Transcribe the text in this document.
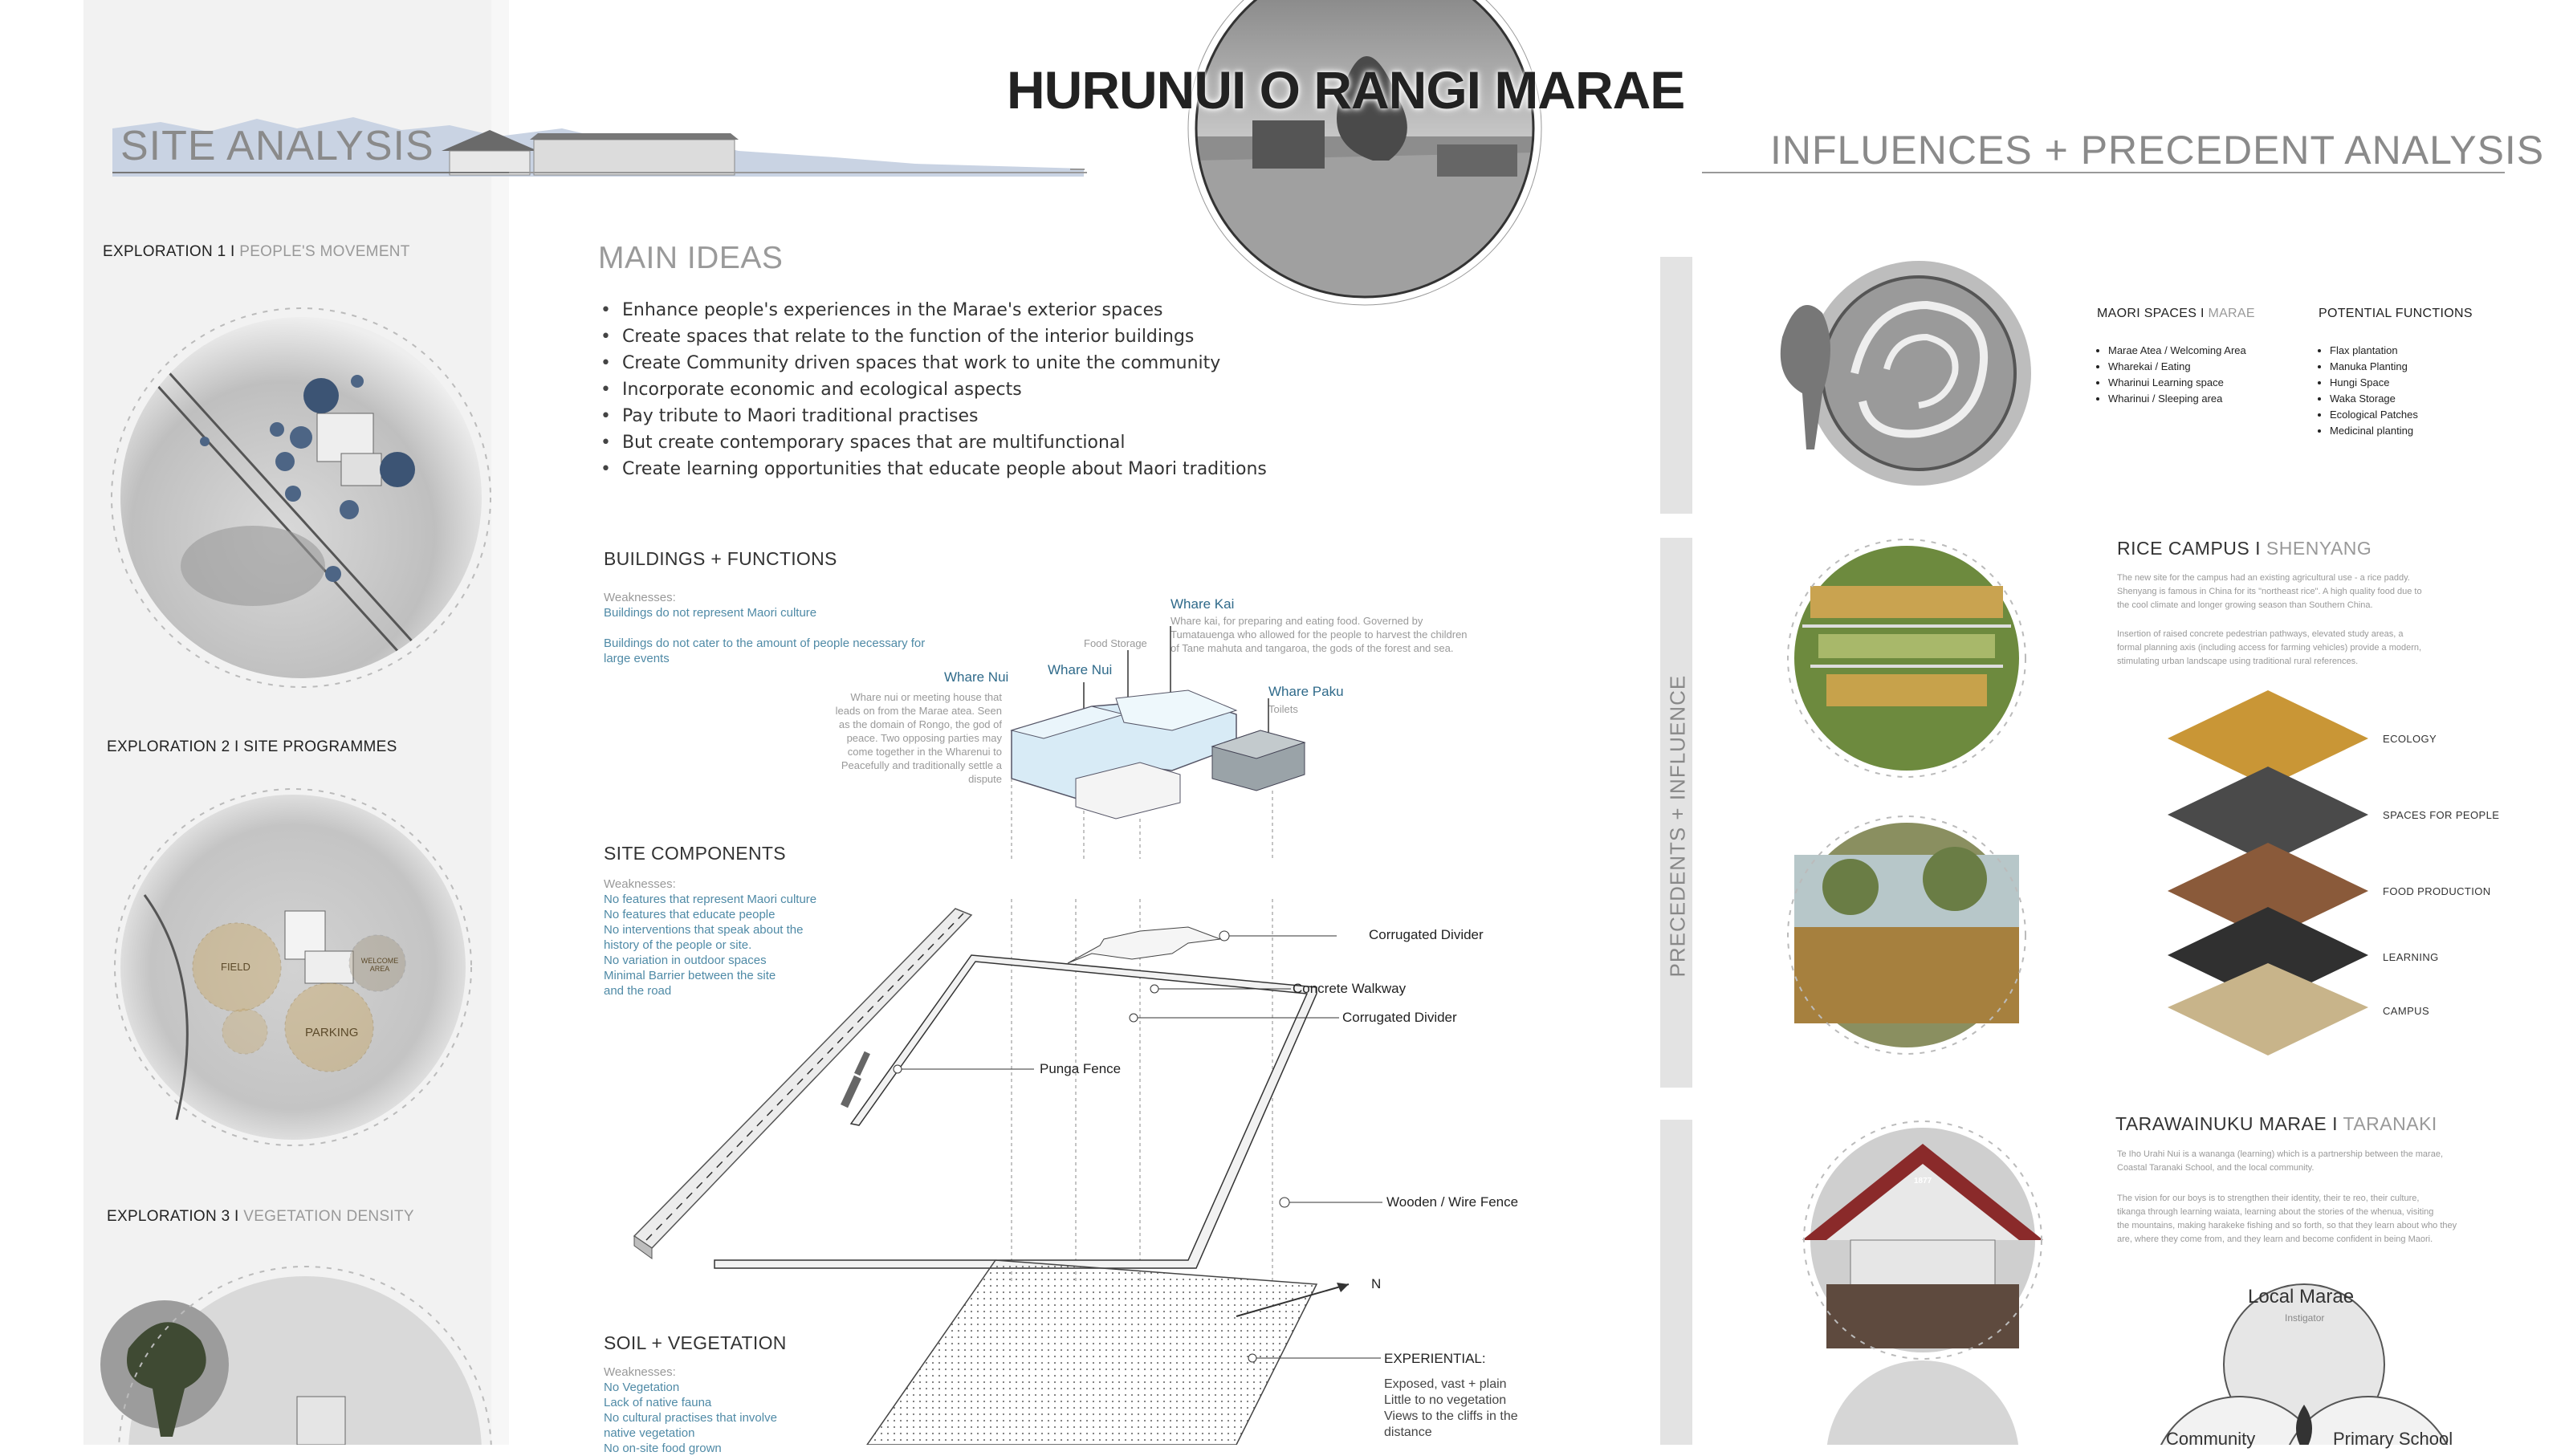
SITE ANALYSIS
EXPLORATION 1 I PEOPLE'S MOVEMENT
EXPLORATION 2 I SITE PROGRAMMES
EXPLORATION 3 I VEGETATION DENSITY
FIELD
PARKING
WELCOME AREA
HURUNUI O RANGI MARAE
MAIN IDEAS
• Enhance people's experiences in the Marae's exterior spaces
• Create spaces that relate to the function of the interior buildings
• Create Community driven spaces that work to unite the community
• Incorporate economic and ecological aspects
• Pay tribute to Maori traditional practises
• But create contemporary spaces that are multifunctional
• Create learning opportunities that educate people about Maori traditions
BUILDINGS + FUNCTIONS
Weaknesses:
Buildings do not represent Maori culture
Buildings do not cater to the amount of people necessary for
large events
Whare Kai
Whare kai, for preparing and eating food. Governed by
Tumatauenga who allowed for the people to harvest the children
of Tane mahuta and tangaroa, the gods of the forest and sea.
Food Storage
Whare Nui
Whare Nui
Whare nui or meeting house that
leads on from the Marae atea. Seen
as the domain of Rongo, the god of
peace. Two opposing parties may
come together in the Wharenui to
Peacefully and traditionally settle a
dispute
Whare Paku
Toilets
SITE COMPONENTS
Weaknesses:
No features that represent Maori culture
No features that educate people
No interventions that speak about the
history of the people or site.
No variation in outdoor spaces
Minimal Barrier between the site
and the road
Corrugated Divider
Concrete Walkway
Corrugated Divider
Punga Fence
Wooden / Wire Fence
N
SOIL + VEGETATION
Weaknesses:
No Vegetation
Lack of native fauna
No cultural practises that involve
native vegetation
No on-site food grown
EXPERIENTIAL:
Exposed, vast + plain
Little to no vegetation
Views to the cliffs in the
distance
INFLUENCES + PRECEDENT ANALYSIS
PRECEDENTS + INFLUENCE
MAORI SPACES I MARAE
• Marae Atea / Welcoming Area
• Wharekai / Eating
• Wharinui Learning space
• Wharinui / Sleeping area
POTENTIAL FUNCTIONS
• Flax plantation
• Manuka Planting
• Hungi Space
• Waka Storage
• Ecological Patches
• Medicinal planting
RICE CAMPUS I SHENYANG
The new site for the campus had an existing agricultural use - a rice paddy.
Shenyang is famous in China for its "northeast rice". A high quality food due to
the cool climate and longer growing season than Southern China.
Insertion of raised concrete pedestrian pathways, elevated study areas, a
formal planning axis (including access for farming vehicles) provide a modern,
stimulating urban landscape using traditional rural references.
ECOLOGY
SPACES FOR PEOPLE
FOOD PRODUCTION
LEARNING
CAMPUS
1877
TARAWAINUKU MARAE I TARANAKI
Te Iho Urahi Nui is a wananga (learning) which is a partnership between the marae,
Coastal Taranaki School, and the local community.
The vision for our boys is to strengthen their identity, their te reo, their culture,
tikanga through learning waiata, learning about the stories of the whenua, visiting
the mountains, making harakeke fishing and so forth, so that they learn about who they
are, where they come from, and they learn and become confident in being Maori.
Local Marae
Instigator
Community	Primary School
